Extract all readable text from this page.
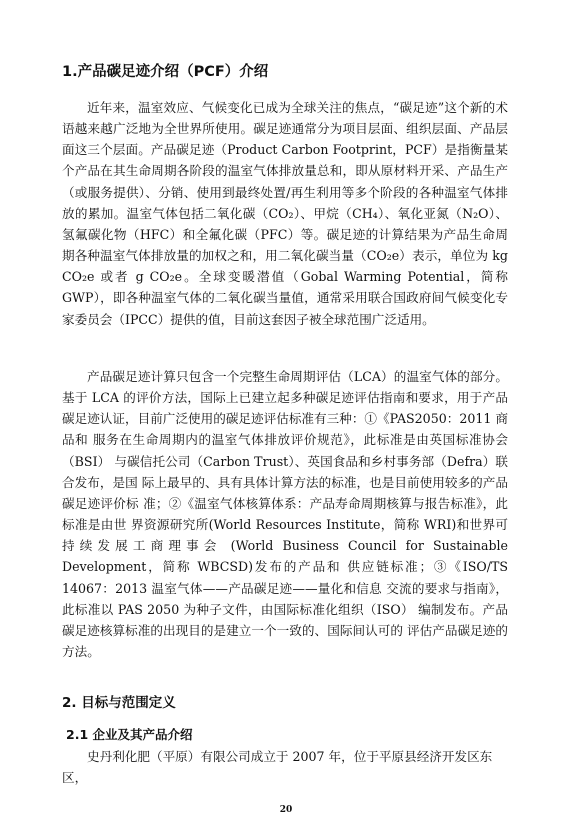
1.产品碳足迹介绍（PCF）介绍

近年来，温室效应、气候变化已成为全球关注的焦点，“碳足迹”这个新的术语越来越广泛地为全世界所使用。碳足迹通常分为项目层面、组织层面、产品层面这三个层面。产品碳足迹（Product Carbon Footprint，PCF）是指衡量某个产品在其生命周期各阶段的温室气体排放量总和，即从原材料开采、产品生产（或服务提供）、分销、使用到最终处置/再生利用等多个阶段的各种温室气体排放的累加。温室气体包括二氧化碳（CO₂）、甲烷（CH₄）、氧化亚氮（N₂O）、氢氟碳化物（HFC）和全氟化碳（PFC）等。碳足迹的计算结果为产品生命周期各种温室气体排放量的加权之和，用二氧化碳当量（CO₂e）表示，单位为 kg CO₂e 或者 g CO₂e。全球变暖潜值（Gobal Warming Potential，简称 GWP），即各种温室气体的二氧化碳当量值，通常采用联合国政府间气候变化专家委员会（IPCC）提供的值，目前这套因子被全球范围广泛适用。

产品碳足迹计算只包含一个完整生命周期评估（LCA）的温室气体的部分。基于 LCA 的评价方法，国际上已建立起多种碳足迹评估指南和要求，用于产品碳足迹认证，目前广泛使用的碳足迹评估标准有三种：①《PAS2050：2011 商品和 服务在生命周期内的温室气体排放评价规范》，此标准是由英国标准协会（BSI） 与碳信托公司（Carbon Trust）、英国食品和乡村事务部（Defra）联合发布，是国 际上最早的、具有具体计算方法的标准，也是目前使用较多的产品碳足迹评价标 准；②《温室气体核算体系：产品寿命周期核算与报告标准》，此标准是由世 界资源研究所(World Resources Institute，简称 WRI)和世界可持续发展工商理事会 (World Business Council for Sustainable Development，简称 WBCSD)发布的产品和 供应链标准；③《ISO/TS 14067：2013 温室气体——产品碳足迹——量化和信息 交流的要求与指南》，此标准以 PAS 2050 为种子文件，由国际标准化组织（ISO） 编制发布。产品碳足迹核算标准的出现目的是建立一个一致的、国际间认可的 评估产品碳足迹的方法。

2. 目标与范围定义
2.1 企业及其产品介绍
史丹利化肥（平原）有限公司成立于 2007 年，位于平原县经济开发区东区，
20
